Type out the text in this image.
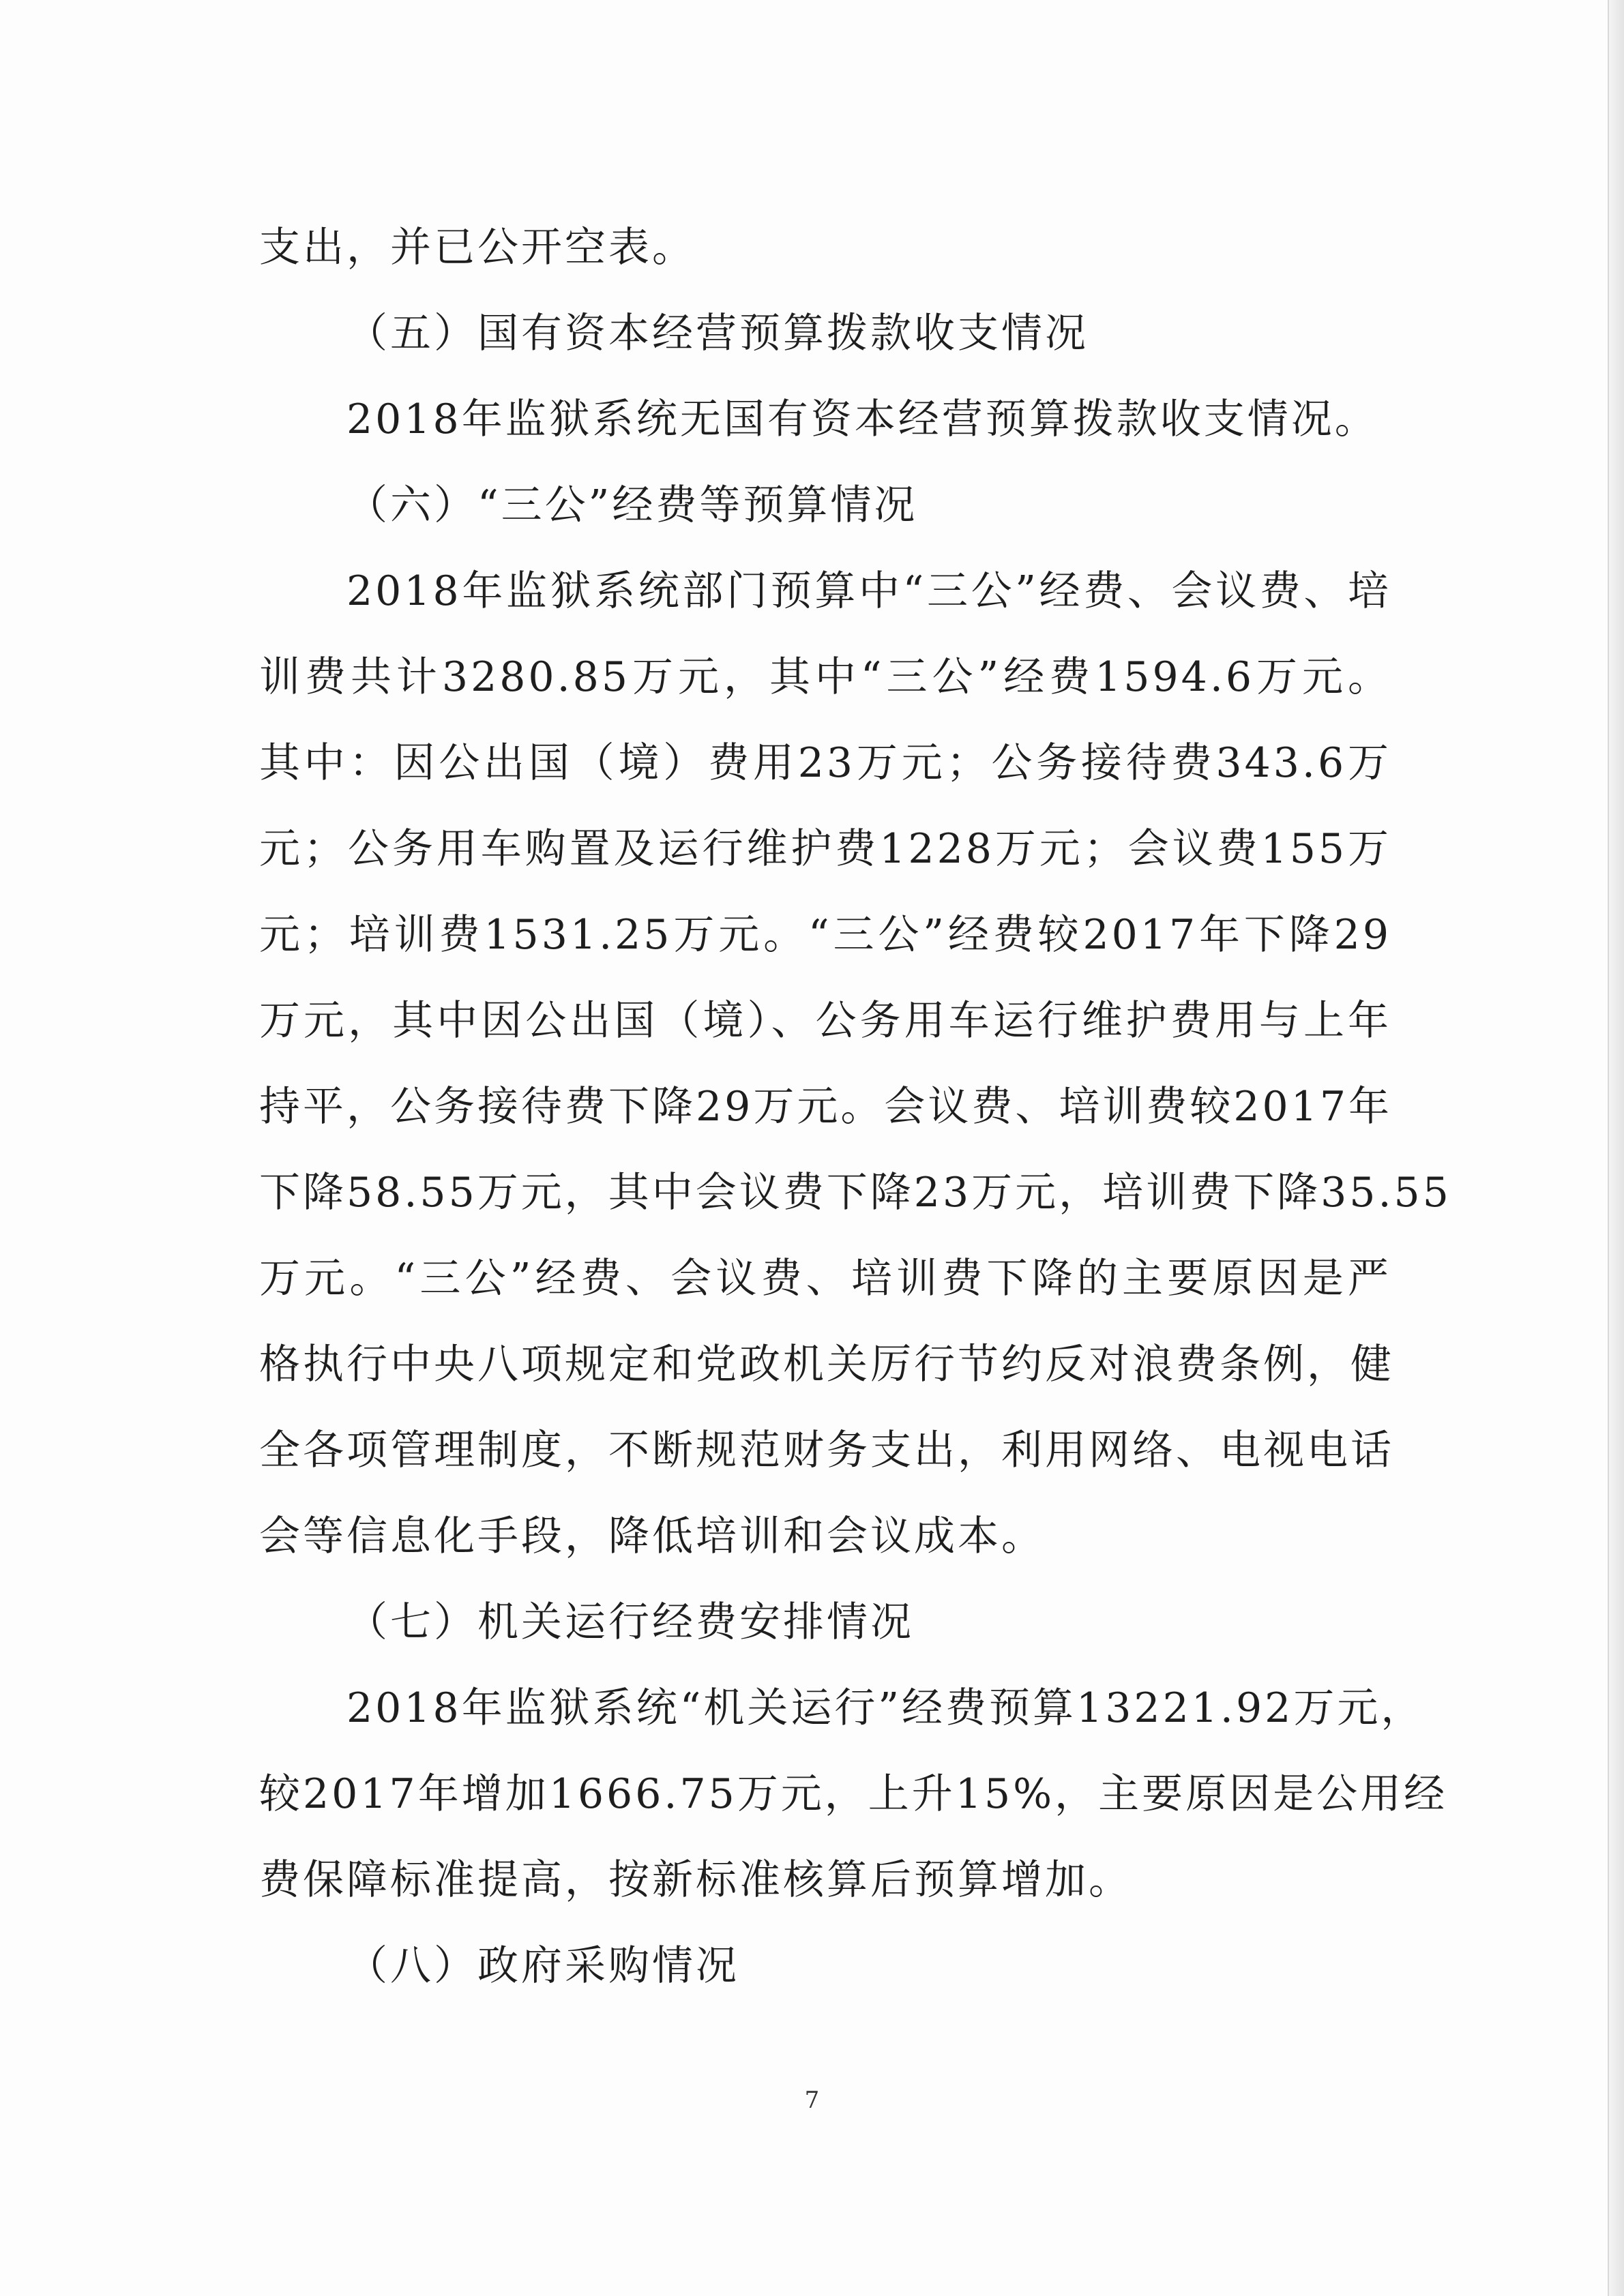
支出，并已公开空表。
（五）国有资本经营预算拨款收支情况
2018年监狱系统无国有资本经营预算拨款收支情况。
（六）“三公”经费等预算情况
2018年监狱系统部门预算中“三公”经费、会议费、培
训费共计3280.85万元，其中“三公”经费1594.6万元。
其中：因公出国（境）费用23万元；公务接待费343.6万
元；公务用车购置及运行维护费1228万元；会议费155万
元；培训费1531.25万元。“三公”经费较2017年下降29
万元，其中因公出国（境）、公务用车运行维护费用与上年
持平，公务接待费下降29万元。会议费、培训费较2017年
下降58.55万元，其中会议费下降23万元，培训费下降35.55
万元。“三公”经费、会议费、培训费下降的主要原因是严
格执行中央八项规定和党政机关厉行节约反对浪费条例，健
全各项管理制度，不断规范财务支出，利用网络、电视电话
会等信息化手段，降低培训和会议成本。
（七）机关运行经费安排情况
2018年监狱系统“机关运行”经费预算13221.92万元，
较2017年增加1666.75万元，上升15%，主要原因是公用经
费保障标准提高，按新标准核算后预算增加。
（八）政府采购情况
7
